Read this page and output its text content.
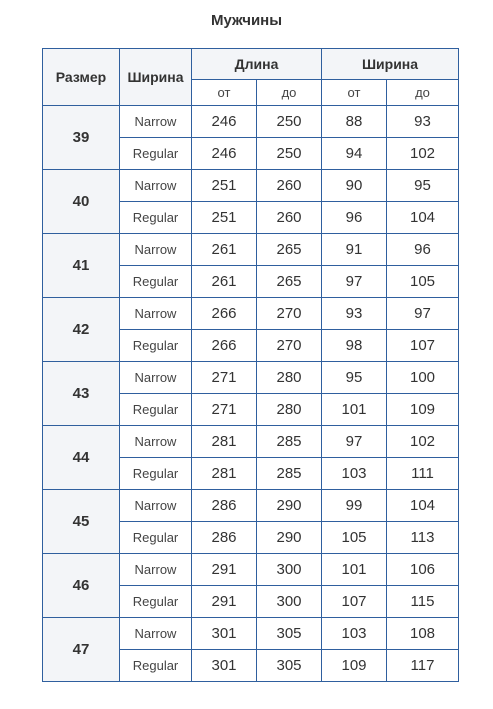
Мужчины
Размер	Ширина	Длина		Ширина	
		от	до	от	до
39	Narrow	246	250	88	93
	Regular	246	250	94	102
40	Narrow	251	260	90	95
	Regular	251	260	96	104
41	Narrow	261	265	91	96
	Regular	261	265	97	105
42	Narrow	266	270	93	97
	Regular	266	270	98	107
43	Narrow	271	280	95	100
	Regular	271	280	101	109
44	Narrow	281	285	97	102
	Regular	281	285	103	111
45	Narrow	286	290	99	104
	Regular	286	290	105	113
46	Narrow	291	300	101	106
	Regular	291	300	107	115
47	Narrow	301	305	103	108
	Regular	301	305	109	117
